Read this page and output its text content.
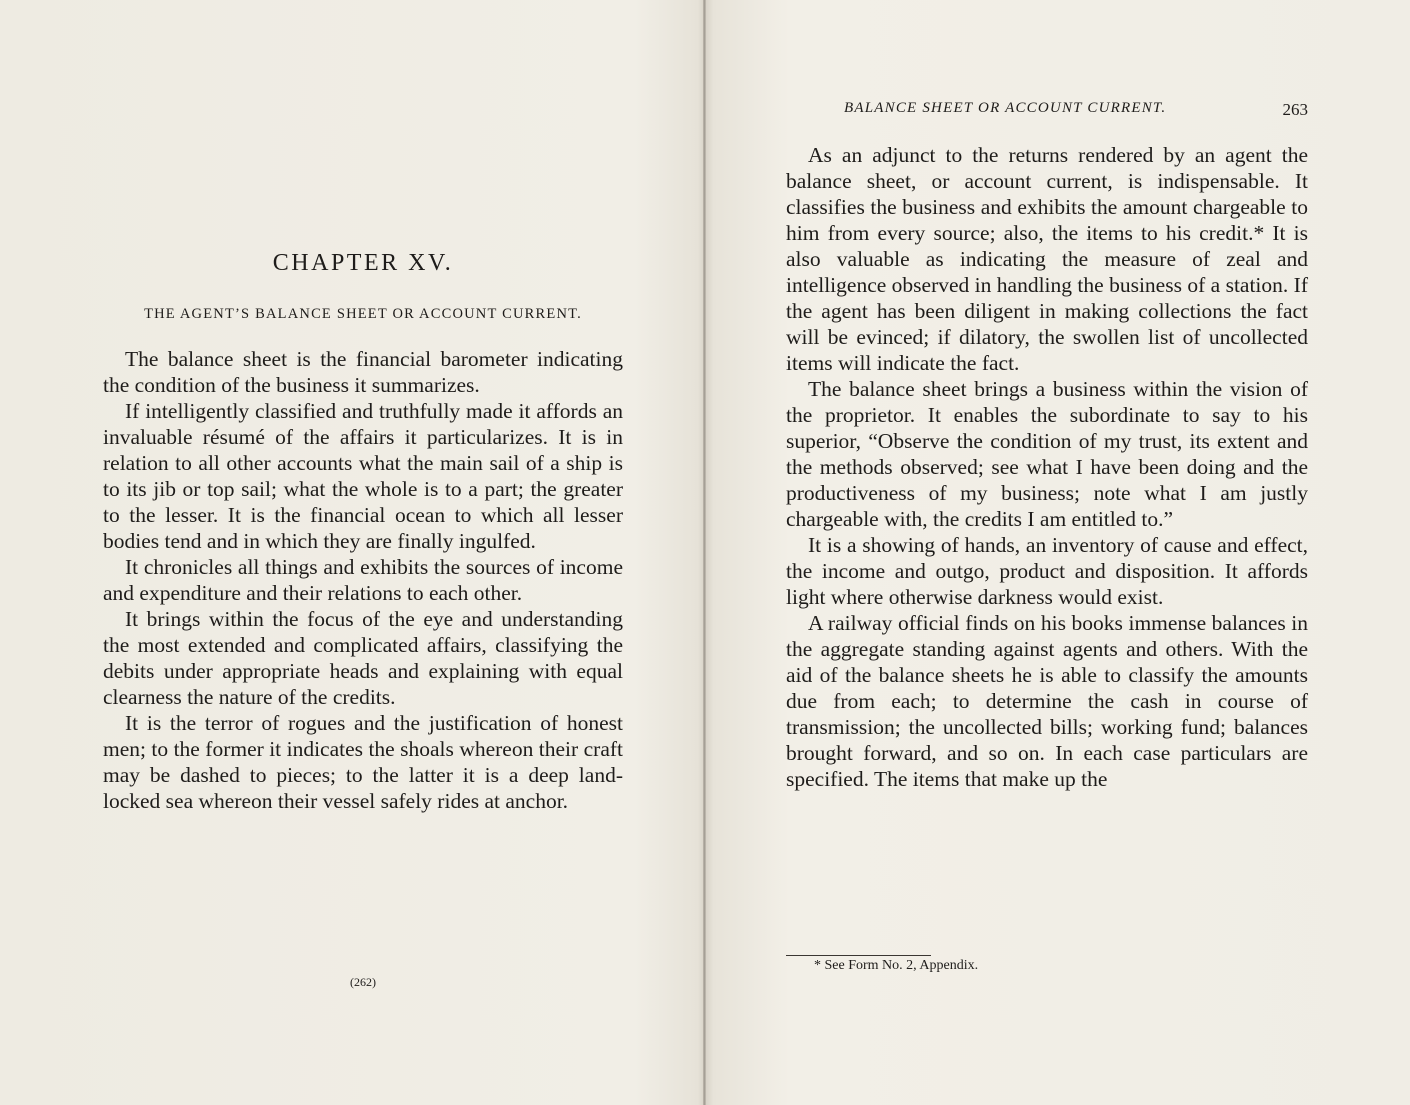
CHAPTER XV.
THE AGENT’S BALANCE SHEET OR ACCOUNT CURRENT.

The balance sheet is the financial barometer indicating the condition of the business it summarizes.

If intelligently classified and truthfully made it affords an invaluable résumé of the affairs it particularizes. It is in relation to all other accounts what the main sail of a ship is to its jib or top sail; what the whole is to a part; the greater to the lesser. It is the financial ocean to which all lesser bodies tend and in which they are finally ingulfed.

It chronicles all things and exhibits the sources of income and expenditure and their relations to each other.

It brings within the focus of the eye and understanding the most extended and complicated affairs, classifying the debits under appropriate heads and explaining with equal clearness the nature of the credits.

It is the terror of rogues and the justification of honest men; to the former it indicates the shoals whereon their craft may be dashed to pieces; to the latter it is a deep land-locked sea whereon their vessel safely rides at anchor.

(262)
BALANCE SHEET OR ACCOUNT CURRENT.	263

As an adjunct to the returns rendered by an agent the balance sheet, or account current, is indispensable. It classifies the business and exhibits the amount chargeable to him from every source; also, the items to his credit.* It is also valuable as indicating the measure of zeal and intelligence observed in handling the business of a station. If the agent has been diligent in making collections the fact will be evinced; if dilatory, the swollen list of uncollected items will indicate the fact.

The balance sheet brings a business within the vision of the proprietor. It enables the subordinate to say to his superior, “Observe the condition of my trust, its extent and the methods observed; see what I have been doing and the productiveness of my business; note what I am justly chargeable with, the credits I am entitled to.”

It is a showing of hands, an inventory of cause and effect, the income and outgo, product and disposition. It affords light where otherwise darkness would exist.

A railway official finds on his books immense balances in the aggregate standing against agents and others. With the aid of the balance sheets he is able to classify the amounts due from each; to determine the cash in course of transmission; the uncollected bills; working fund; balances brought forward, and so on. In each case particulars are specified. The items that make up the

* See Form No. 2, Appendix.
